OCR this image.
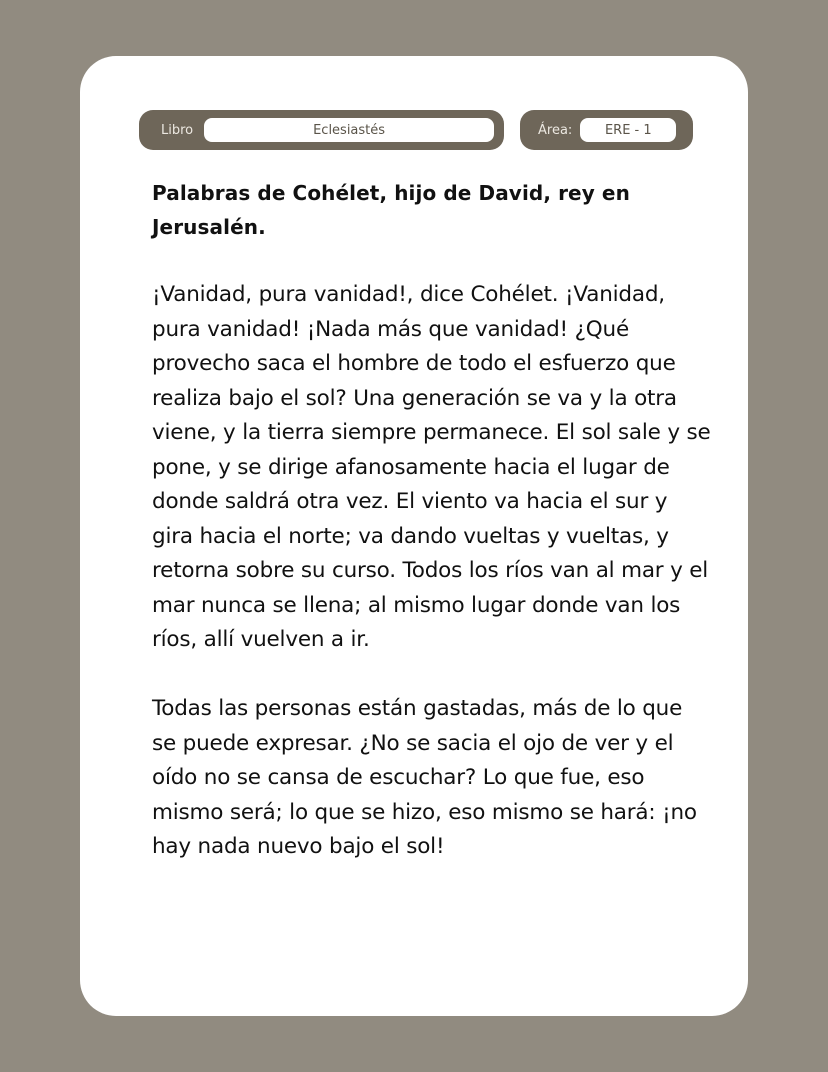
Libro	Eclesiastés	Área:	ERE - 1

Palabras de Cohélet, hijo de David, rey en Jerusalén.

¡Vanidad, pura vanidad!, dice Cohélet. ¡Vanidad, pura vanidad! ¡Nada más que vanidad! ¿Qué provecho saca el hombre de todo el esfuerzo que realiza bajo el sol? Una generación se va y la otra viene, y la tierra siempre permanece. El sol sale y se pone, y se dirige afanosamente hacia el lugar de donde saldrá otra vez. El viento va hacia el sur y gira hacia el norte; va dando vueltas y vueltas, y retorna sobre su curso. Todos los ríos van al mar y el mar nunca se llena; al mismo lugar donde van los ríos, allí vuelven a ir.

Todas las personas están gastadas, más de lo que se puede expresar. ¿No se sacia el ojo de ver y el oído no se cansa de escuchar? Lo que fue, eso mismo será; lo que se hizo, eso mismo se hará: ¡no hay nada nuevo bajo el sol!
